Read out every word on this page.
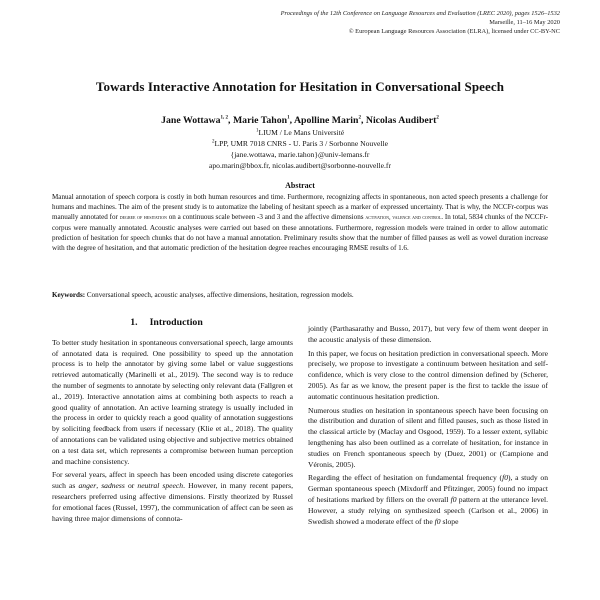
Proceedings of the 12th Conference on Language Resources and Evaluation (LREC 2020), pages 1526–1532
Marseille, 11–16 May 2020
© European Language Resources Association (ELRA), licensed under CC-BY-NC
Towards Interactive Annotation for Hesitation in Conversational Speech
Jane Wottawa$^{1, 2}$, Marie Tahon$^1$, Apolline Marin$^2$, Nicolas Audibert$^2$
$^1$LIUM / Le Mans Université
$^2$LPP, UMR 7018 CNRS - U. Paris 3 / Sorbonne Nouvelle
{jane.wottawa, marie.tahon}@univ-lemans.fr
apo.marin@bbox.fr, nicolas.audibert@sorbonne-nouvelle.fr
Abstract
Manual annotation of speech corpora is costly in both human resources and time. Furthermore, recognizing affects in spontaneous, non acted speech presents a challenge for humans and machines. The aim of the present study is to automatize the labeling of hesitant speech as a marker of expressed uncertainty. That is why, the NCCFr-corpus was manually annotated for degree of hesitation on a continuous scale between -3 and 3 and the affective dimensions activation, valence and control. In total, 5834 chunks of the NCCFr-corpus were manually annotated. Acoustic analyses were carried out based on these annotations. Furthermore, regression models were trained in order to allow automatic prediction of hesitation for speech chunks that do not have a manual annotation. Preliminary results show that the number of filled pauses as well as vowel duration increase with the degree of hesitation, and that automatic prediction of the hesitation degree reaches encouraging RMSE results of 1.6.
Keywords: Conversational speech, acoustic analyses, affective dimensions, hesitation, regression models.
1. Introduction

To better study hesitation in spontaneous conversational speech, large amounts of annotated data is required. One possibility to speed up the annotation process is to help the annotator by giving some label or value suggestions retrieved automatically (Marinelli et al., 2019). The second way is to reduce the number of segments to annotate by selecting only relevant data (Fallgren et al., 2019). Interactive annotation aims at combining both aspects to reach a good quality of annotation. An active learning strategy is usually included in the process in order to quickly reach a good quality of annotation suggestions by soliciting feedback from users if necessary (Klie et al., 2018). The quality of annotations can be validated using objective and subjective metrics obtained on a test data set, which represents a compromise between human perception and machine consistency.

For several years, affect in speech has been encoded using discrete categories such as anger, sadness or neutral speech. However, in many recent papers, researchers preferred using affective dimensions. Firstly theorized by Russel for emotional faces (Russel, 1997), the communication of affect can be seen as having three major dimensions of connota-

jointly (Parthasarathy and Busso, 2017), but very few of them went deeper in the acoustic analysis of these dimension.

In this paper, we focus on hesitation prediction in conversational speech. More precisely, we propose to investigate a continuum between hesitation and self-confidence, which is very close to the control dimension defined by (Scherer, 2005). As far as we know, the present paper is the first to tackle the issue of automatic continuous hesitation prediction.

Numerous studies on hesitation in spontaneous speech have been focusing on the distribution and duration of silent and filled pauses, such as those listed in the classical article by (Maclay and Osgood, 1959). To a lesser extent, syllabic lengthening has also been outlined as a correlate of hesitation, for instance in studies on French spontaneous speech by (Duez, 2001) or (Campione and Véronis, 2005).

Regarding the effect of hesitation on fundamental frequency (f0), a study on German spontaneous speech (Mixdorff and Pfitzinger, 2005) found no impact of hesitations marked by fillers on the overall f0 pattern at the utterance level. However, a study relying on synthesized speech (Carlson et al., 2006) in Swedish showed a moderate effect of the f0 slope
